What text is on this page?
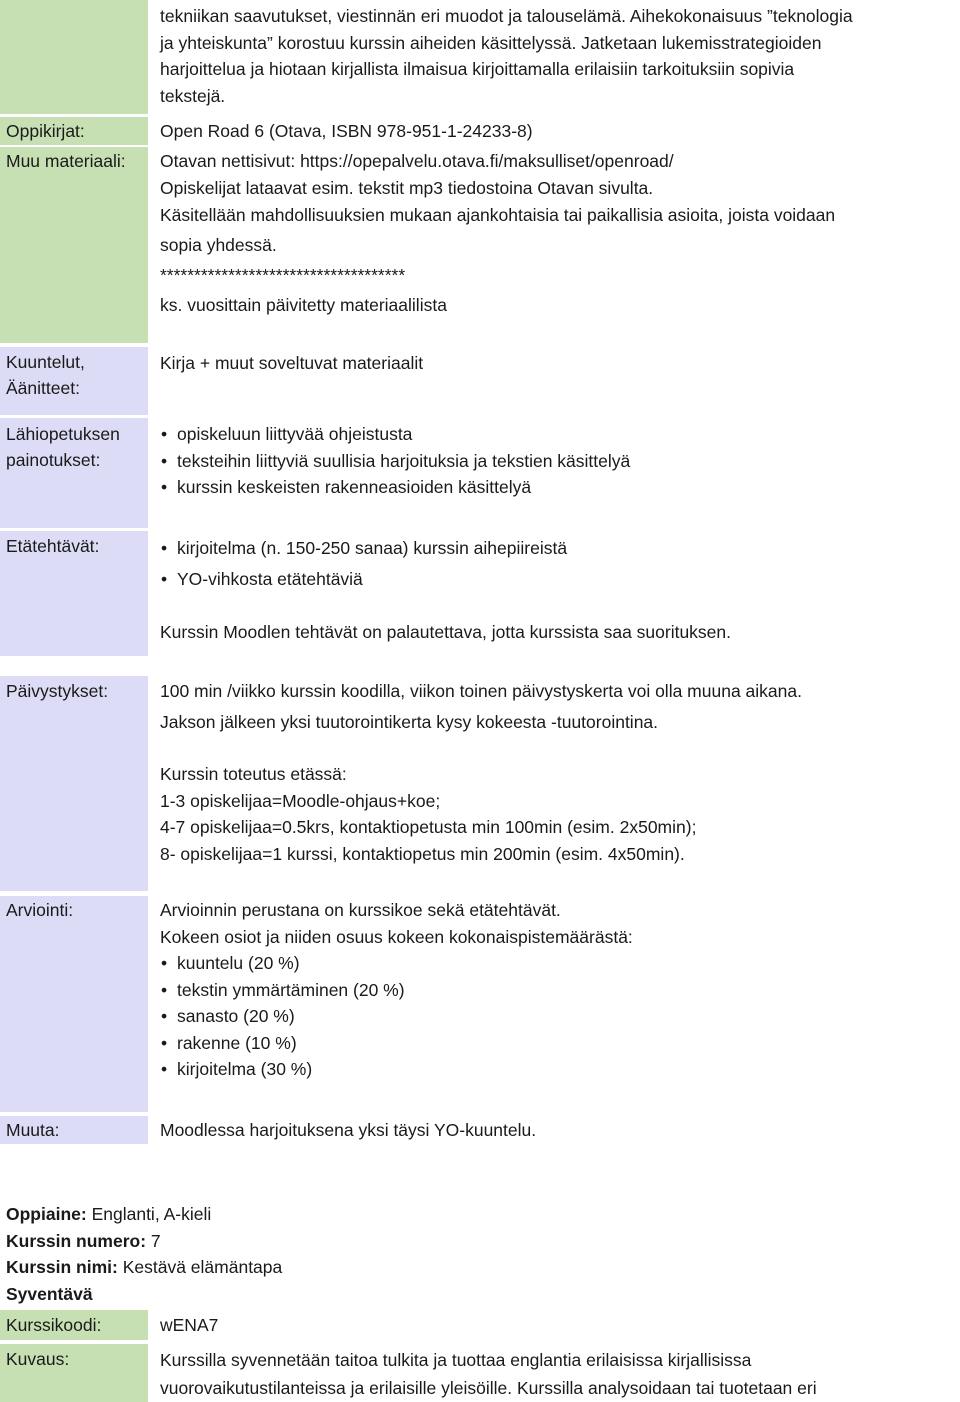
tekniikan saavutukset, viestinnän eri muodot ja talouselämä. Aihekokonaisuus ”teknologia

ja yhteiskunta” korostuu kurssin aiheiden käsittelyssä. Jatketaan lukemisstrategioiden

harjoittelua ja hiotaan kirjallista ilmaisua kirjoittamalla erilaisiin tarkoituksiin sopivia

tekstejä.

Oppikirjat:	Open Road 6 (Otava, ISBN 978-951-1-24233-8)
Muu materiaali:	Otavan nettisivut: https://opepalvelu.otava.fi/maksulliset/openroad/

Opiskelijat lataavat esim. tekstit mp3 tiedostoina Otavan sivulta.

Käsitellään mahdollisuuksien mukaan ajankohtaisia tai paikallisia asioita, joista voidaan

sopia yhdessä.

************************************

ks. vuosittain päivitetty materiaalilista

Kuuntelut,
Äänitteet:
Kirja + muut soveltuvat materiaalit
Lähiopetuksen
painotukset:
• opiskeluun liittyvää ohjeistusta
• teksteihin liittyviä suullisia harjoituksia ja tekstien käsittelyä
• kurssin keskeisten rakenneasioiden käsittelyä
Etätehtävät:
•	kirjoitelma (n. 150-250 sanaa) kurssin aihepiireistä
• YO-vihkosta etätehtäviä
Kurssin Moodlen tehtävät on palautettava, jotta kurssista saa suorituksen.
Päivystykset:	100 min /viikko kurssin koodilla, viikon toinen päivystyskerta voi olla muuna aikana.
Jakson jälkeen yksi tuutorointikerta kysy kokeesta -tuutorointina.

Kurssin toteutus etässä:

1-3 opiskelijaa=Moodle-ohjaus+koe;

4-7 opiskelijaa=0.5krs, kontaktiopetusta min 100min (esim. 2x50min);

8- opiskelijaa=1 kurssi, kontaktiopetus min 200min (esim. 4x50min).

Arviointi:	Arvioinnin perustana on kurssikoe sekä etätehtävät.

Kokeen osiot ja niiden osuus kokeen kokonaispistemäärästä:

• kuuntelu (20 %)
• tekstin ymmärtäminen (20 %)
• sanasto (20 %)
• rakenne (10 %)
• kirjoitelma (30 %)
Muuta:	Moodlessa harjoituksena yksi täysi YO-kuuntelu.
Oppiaine: Englanti, A-kieli
Kurssin numero: 7
Kurssin nimi: Kestävä elämäntapa
Syventävä
Kurssikoodi:	wENA7
Kuvaus:	Kurssilla syvennetään taitoa tulkita ja tuottaa englantia erilaisissa kirjallisissa

vuorovaikutustilanteissa ja erilaisille yleisöille. Kurssilla analysoidaan tai tuotetaan eri
